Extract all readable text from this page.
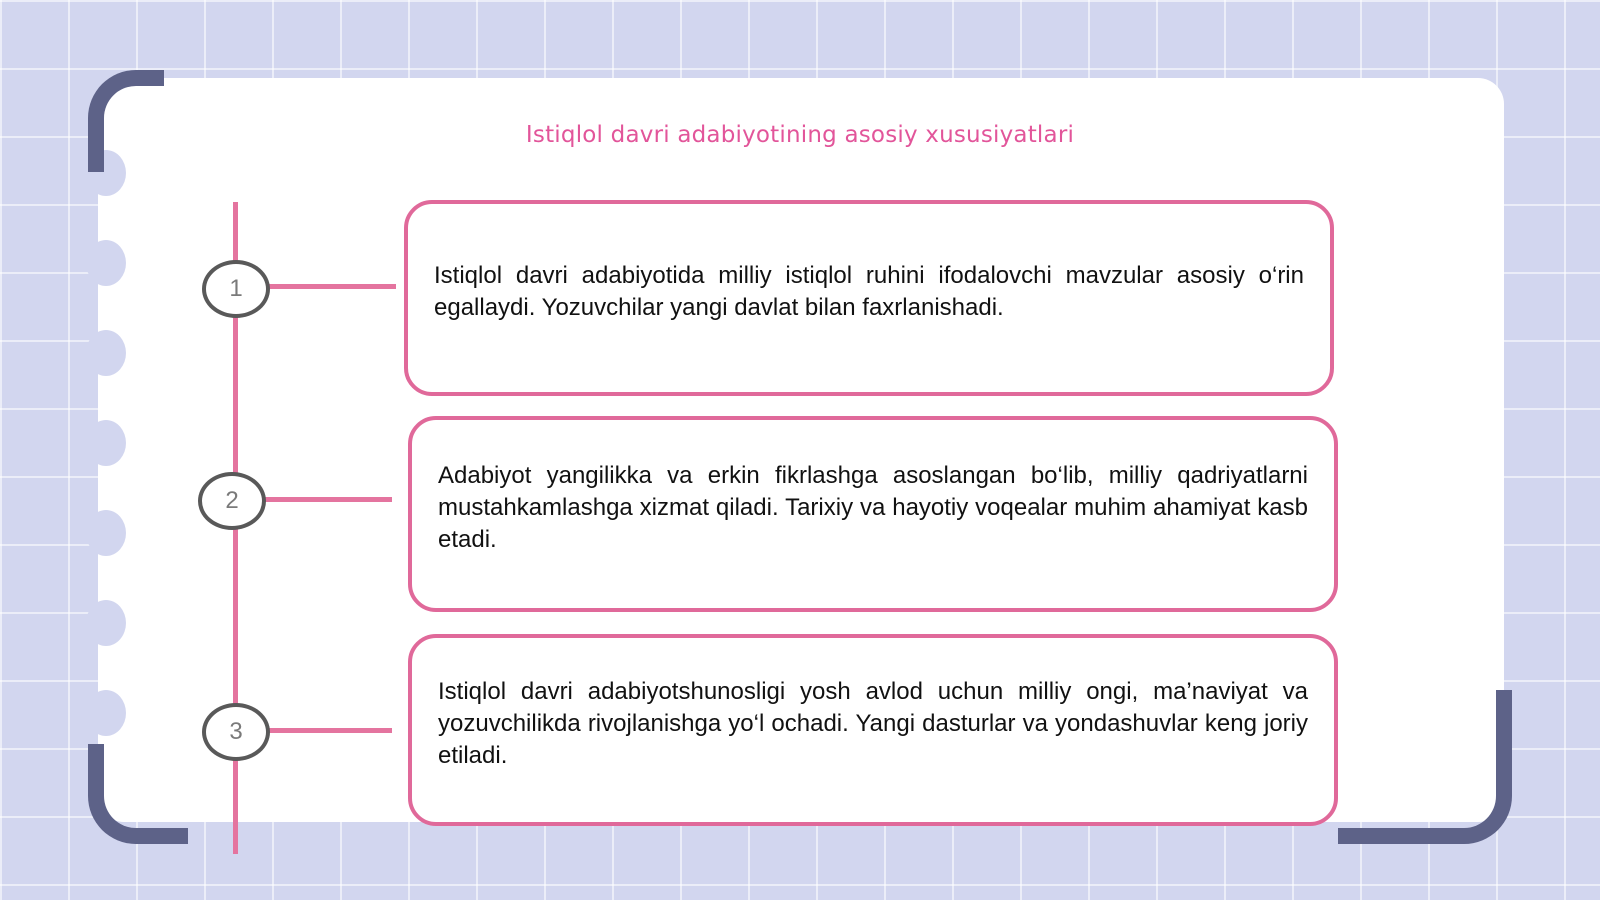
Istiqlol davri adabiyotining asosiy xususiyatlari
1
2
3
Istiqlol davri adabiyotida milliy istiqlol ruhini ifodalovchi mavzular asosiy o‘rin egallaydi. Yozuvchilar yangi davlat bilan faxrlanishadi.
Adabiyot yangilikka va erkin fikrlashga asoslangan bo‘lib, milliy qadriyatlarni mustahkamlashga xizmat qiladi. Tarixiy va hayotiy voqealar muhim ahamiyat kasb etadi.
Istiqlol davri adabiyotshunosligi yosh avlod uchun milliy ongi, ma’naviyat va yozuvchilikda rivojlanishga yo‘l ochadi. Yangi dasturlar va yondashuvlar keng joriy etiladi.
